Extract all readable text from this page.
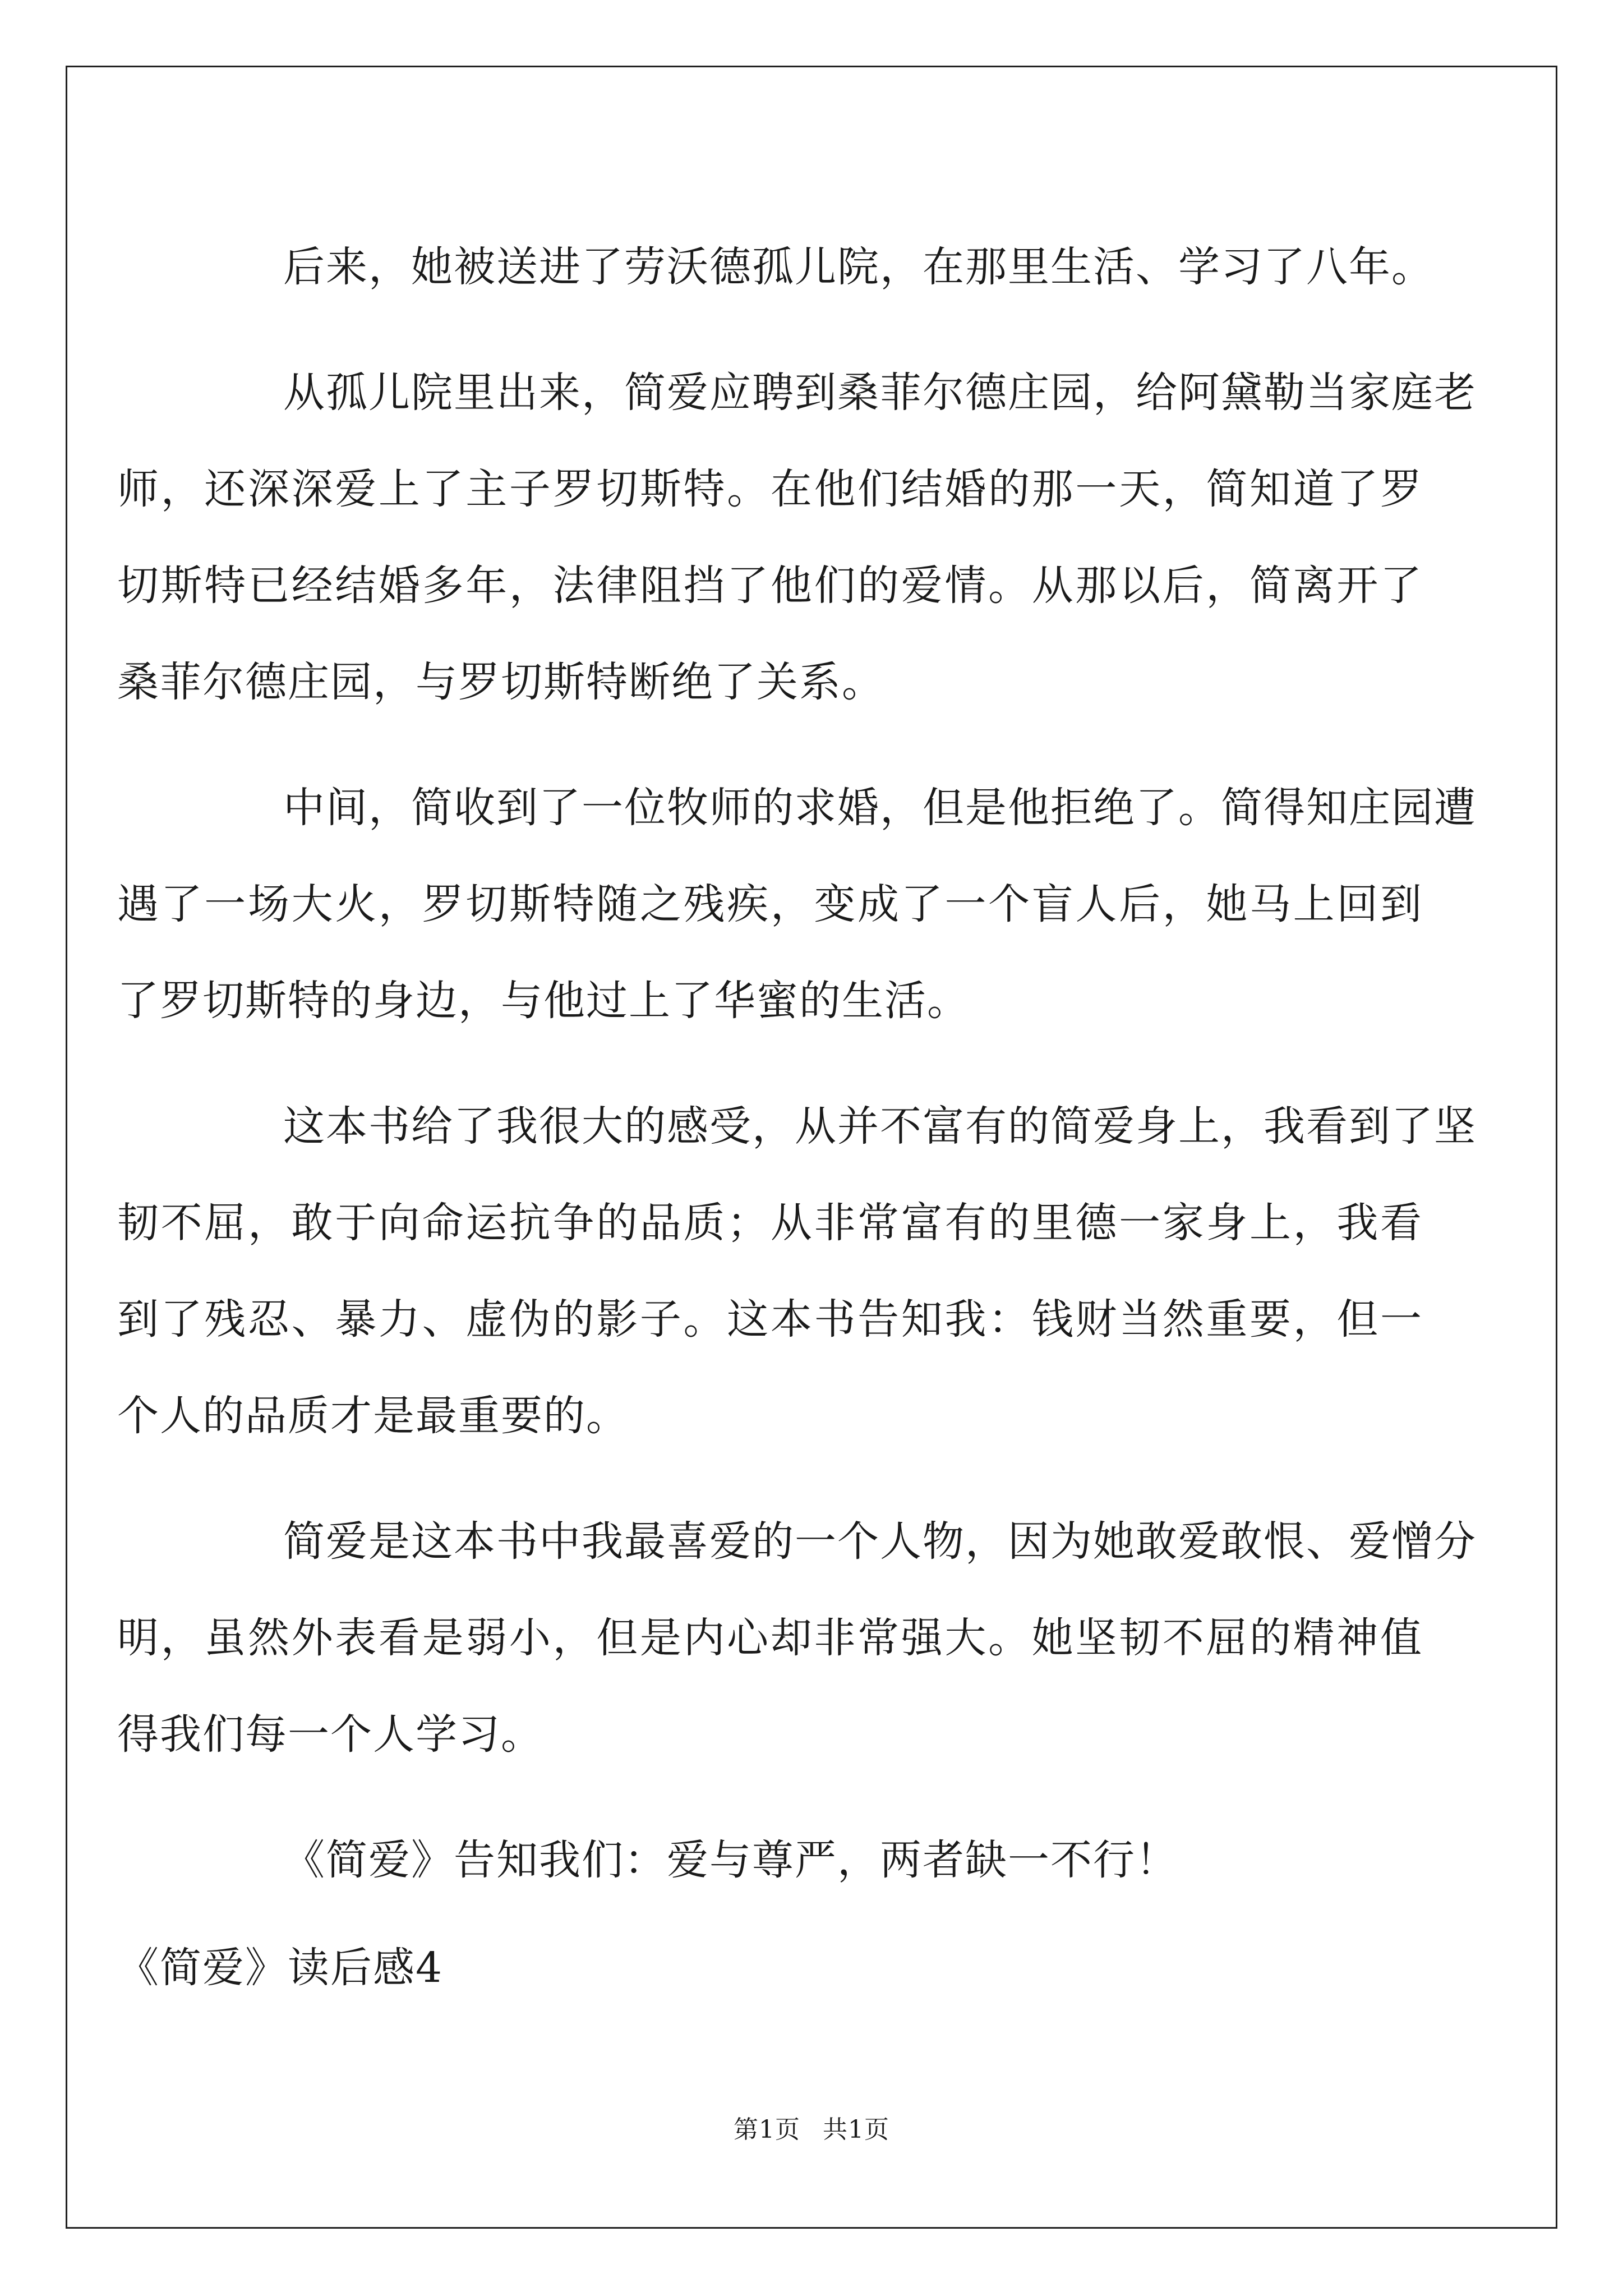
后来，她被送进了劳沃德孤儿院，在那里生活、学习了八年。

从孤儿院里出来，简爱应聘到桑菲尔德庄园，给阿黛勒当家庭老
师，还深深爱上了主子罗切斯特。在他们结婚的那一天，简知道了罗
切斯特已经结婚多年，法律阻挡了他们的爱情。从那以后，简离开了
桑菲尔德庄园，与罗切斯特断绝了关系。

中间，简收到了一位牧师的求婚，但是他拒绝了。简得知庄园遭
遇了一场大火，罗切斯特随之残疾，变成了一个盲人后，她马上回到
了罗切斯特的身边，与他过上了华蜜的生活。

这本书给了我很大的感受，从并不富有的简爱身上，我看到了坚
韧不屈，敢于向命运抗争的品质；从非常富有的里德一家身上，我看
到了残忍、暴力、虚伪的影子。这本书告知我：钱财当然重要，但一
个人的品质才是最重要的。

简爱是这本书中我最喜爱的一个人物，因为她敢爱敢恨、爱憎分
明，虽然外表看是弱小，但是内心却非常强大。她坚韧不屈的精神值
得我们每一个人学习。

《简爱》告知我们：爱与尊严，两者缺一不行！

《简爱》读后感4

第1页 共1页
